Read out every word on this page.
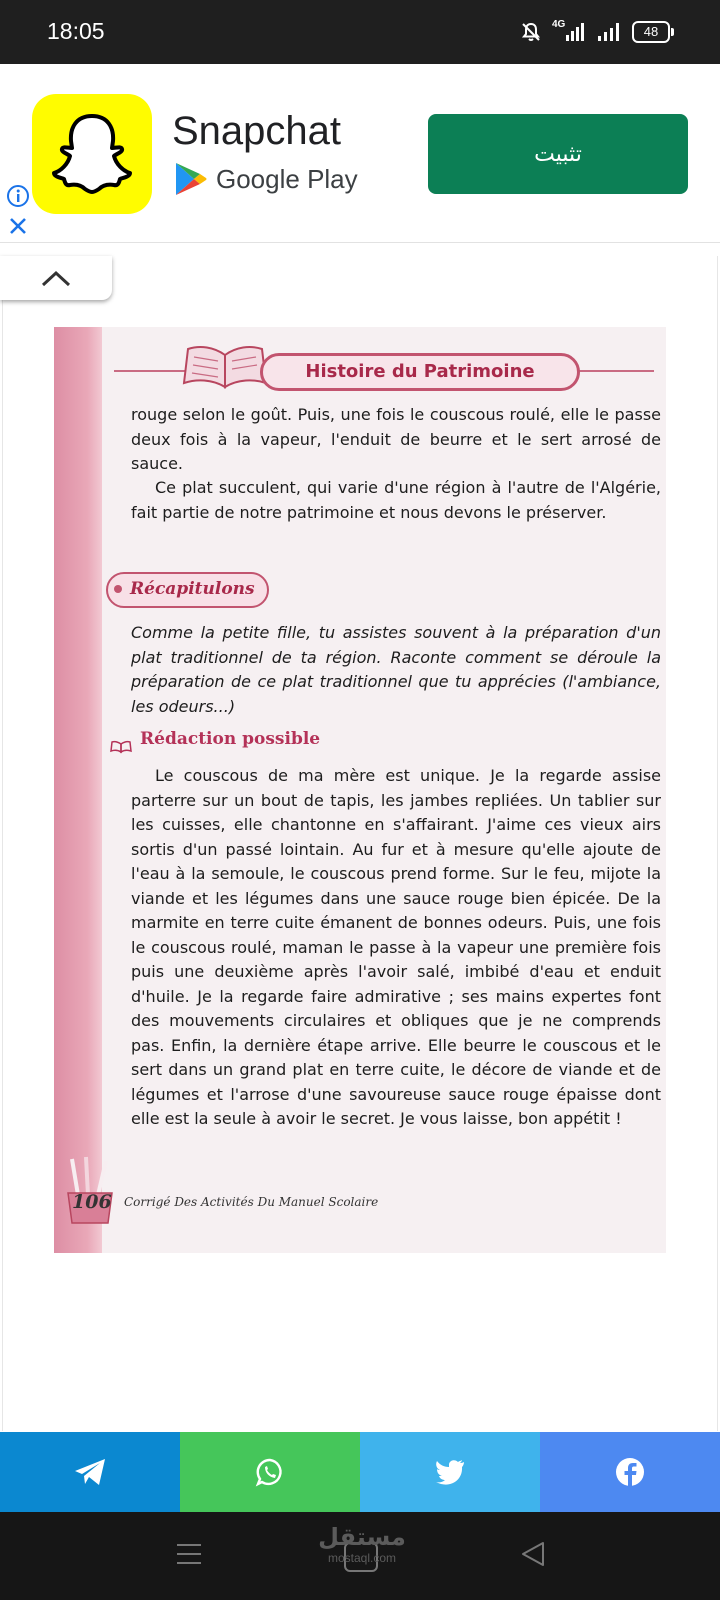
18:05	4G	48
Snapchat
Google Play
تثبيت
Histoire du Patrimoine

rouge selon le goût. Puis, une fois le couscous roulé, elle le passe deux fois à la vapeur, l'enduit de beurre et le sert arrosé de sauce.

Ce plat succulent, qui varie d'une région à l'autre de l'Algérie, fait partie de notre patrimoine et nous devons le préserver.

Récapitulons

Comme la petite fille, tu assistes souvent à la préparation d'un plat traditionnel de ta région. Raconte comment se déroule la préparation de ce plat traditionnel que tu apprécies (l'ambiance, les odeurs...)

Rédaction possible

Le couscous de ma mère est unique. Je la regarde assise parterre sur un bout de tapis, les jambes repliées. Un tablier sur les cuisses, elle chantonne en s'affairant. J'aime ces vieux airs sortis d'un passé lointain. Au fur et à mesure qu'elle ajoute de l'eau à la semoule, le couscous prend forme. Sur le feu, mijote la viande et les légumes dans une sauce rouge bien épicée. De la marmite en terre cuite émanent de bonnes odeurs. Puis, une fois le couscous roulé, maman le passe à la vapeur une première fois puis une deuxième après l'avoir salé, imbibé d'eau et enduit d'huile. Je la regarde faire admirative ; ses mains expertes font des mouvements circulaires et obliques que je ne comprends pas. Enfin, la dernière étape arrive. Elle beurre le couscous et le sert dans un grand plat en terre cuite, le décore de viande et de légumes et l'arrose d'une savoureuse sauce rouge épaisse dont elle est la seule à avoir le secret. Je vous laisse, bon appétit !

106 Corrigé Des Activités Du Manuel Scolaire
مستقل
mostaql.com
